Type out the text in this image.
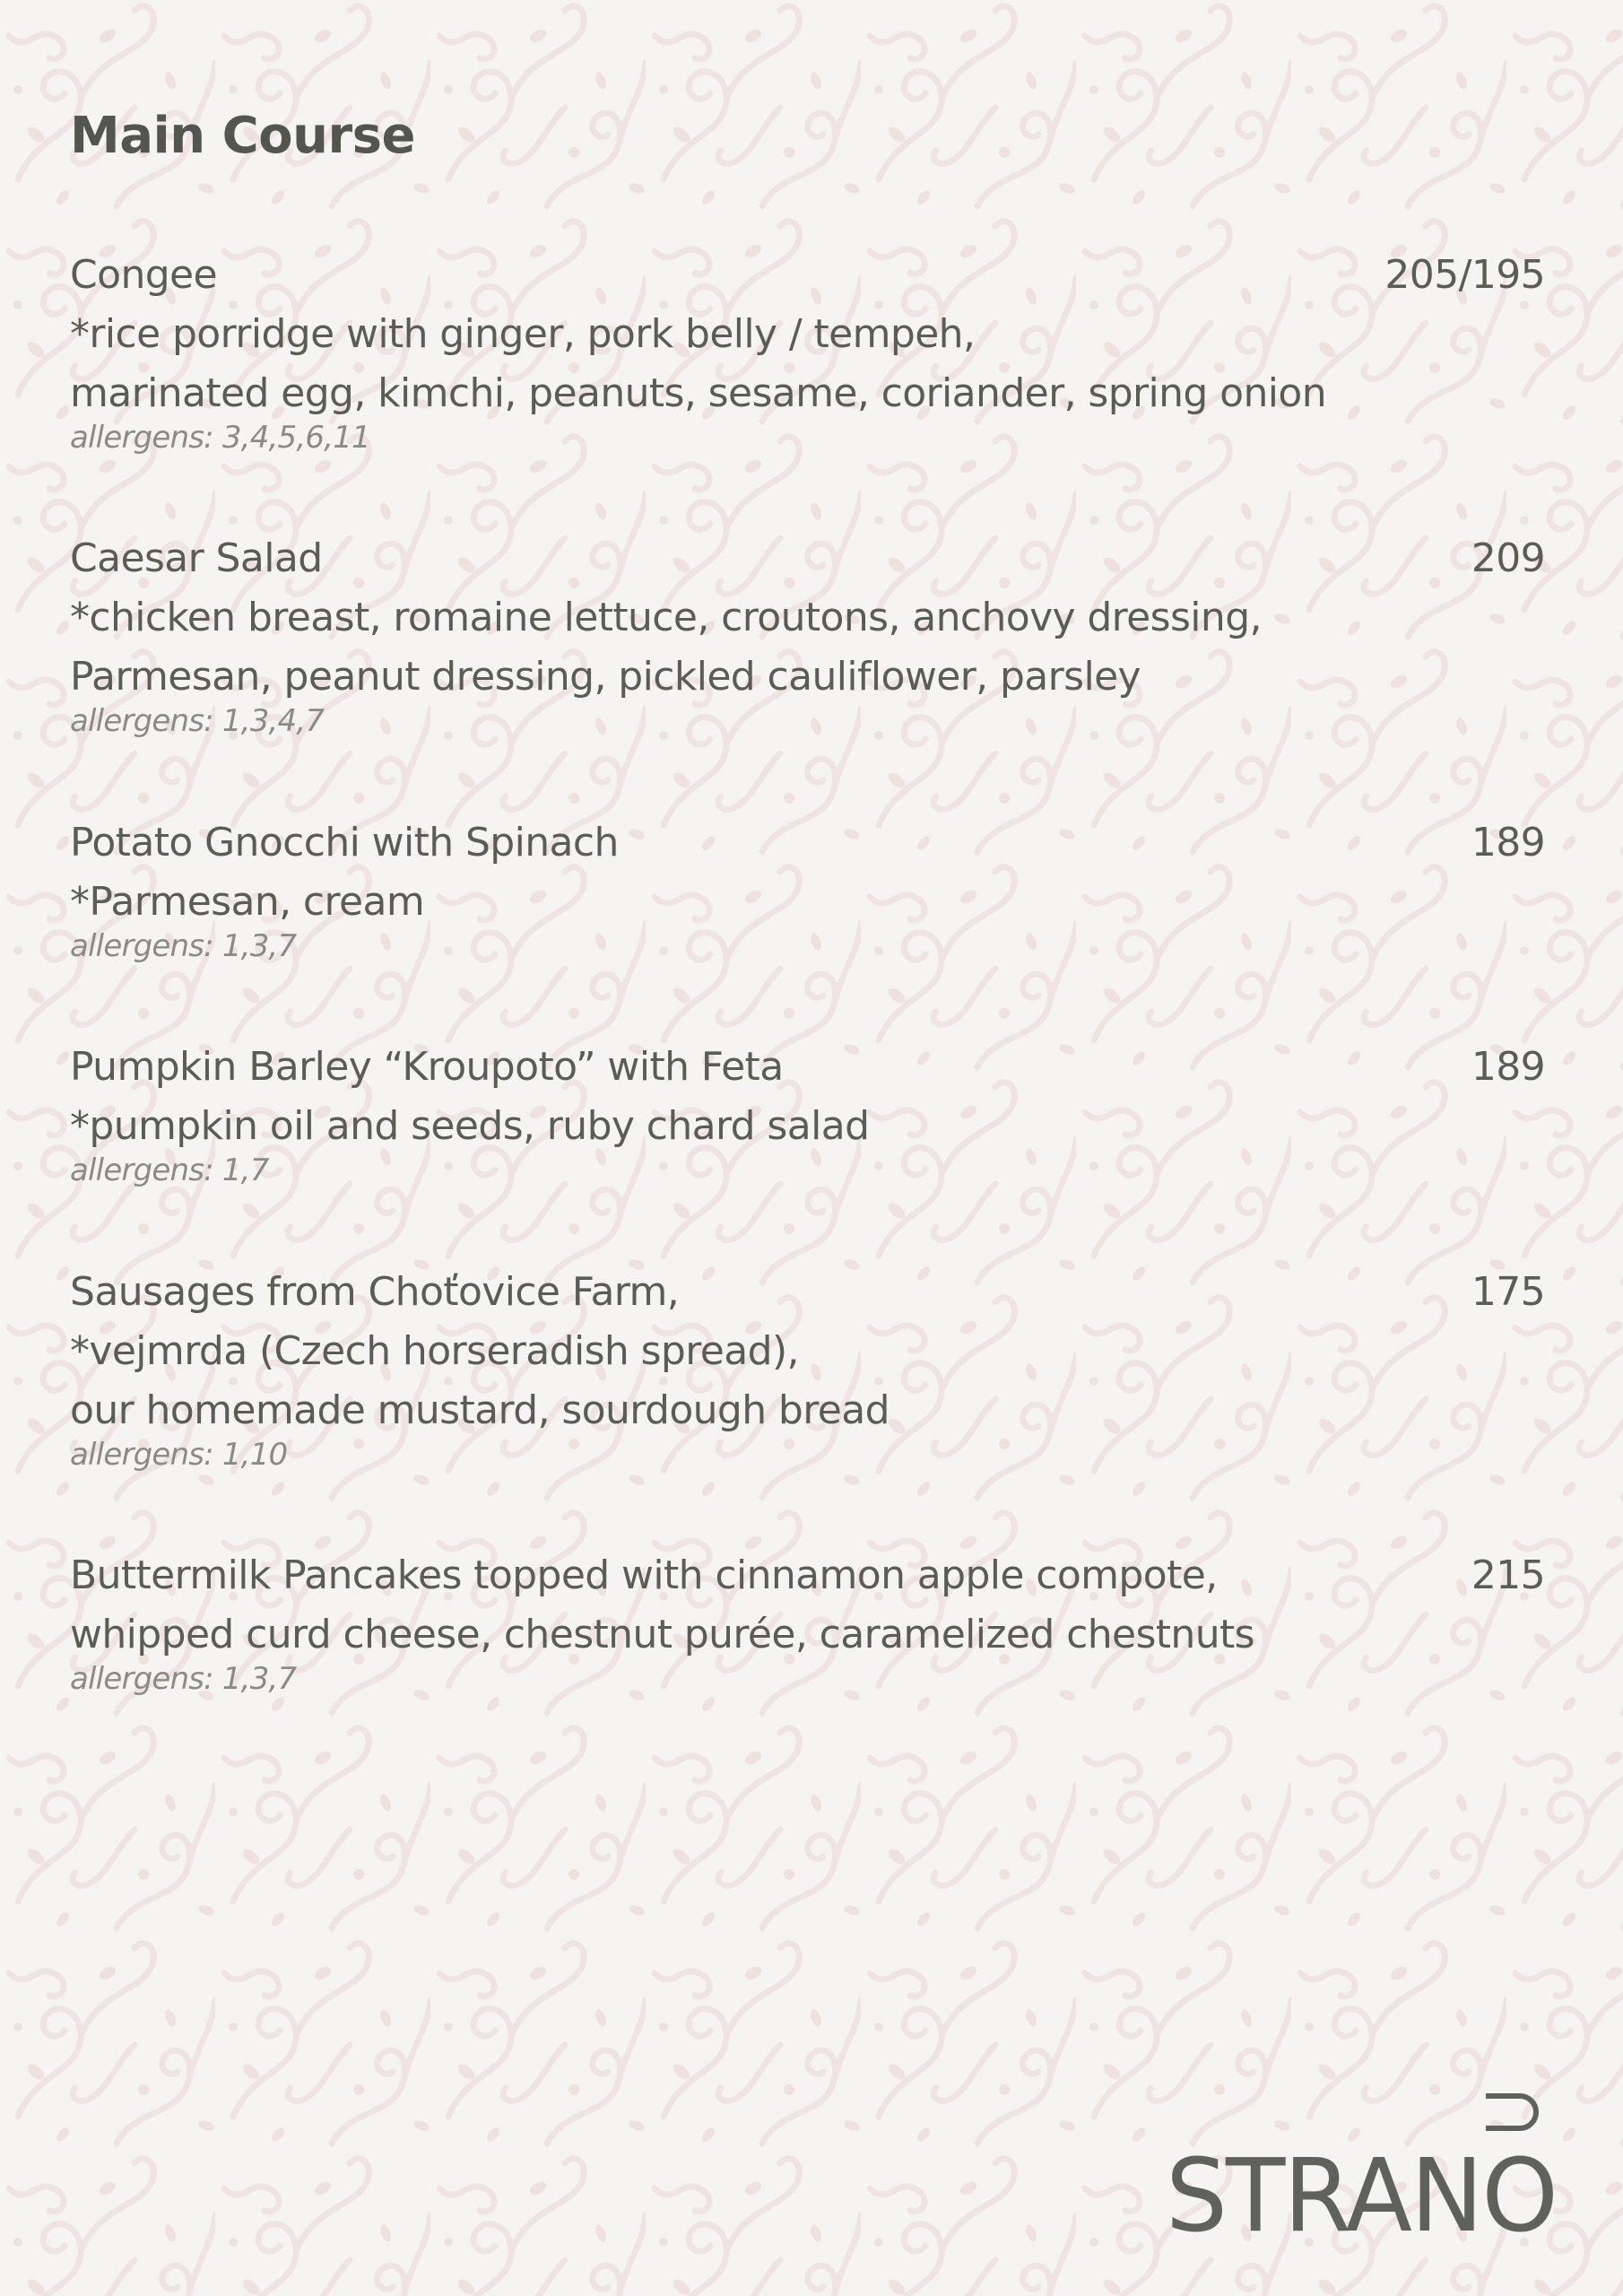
Main Course
Congee	205/195
*rice porridge with ginger, pork belly / tempeh,
marinated egg, kimchi, peanuts, sesame, coriander, spring onion
allergens: 3,4,5,6,11
Caesar Salad	209
*chicken breast, romaine lettuce, croutons, anchovy dressing,
Parmesan, peanut dressing, pickled cauliflower, parsley
allergens: 1,3,4,7
Potato Gnocchi with Spinach	189
*Parmesan, cream
allergens: 1,3,7
Pumpkin Barley “Kroupoto” with Feta	189
*pumpkin oil and seeds, ruby chard salad
allergens: 1,7
Sausages from Choťovice Farm,	175
*vejmrda (Czech horseradish spread),
our homemade mustard, sourdough bread
allergens: 1,10
Buttermilk Pancakes topped with cinnamon apple compote,	215
whipped curd cheese, chestnut purée, caramelized chestnuts
allergens: 1,3,7
STRANO
